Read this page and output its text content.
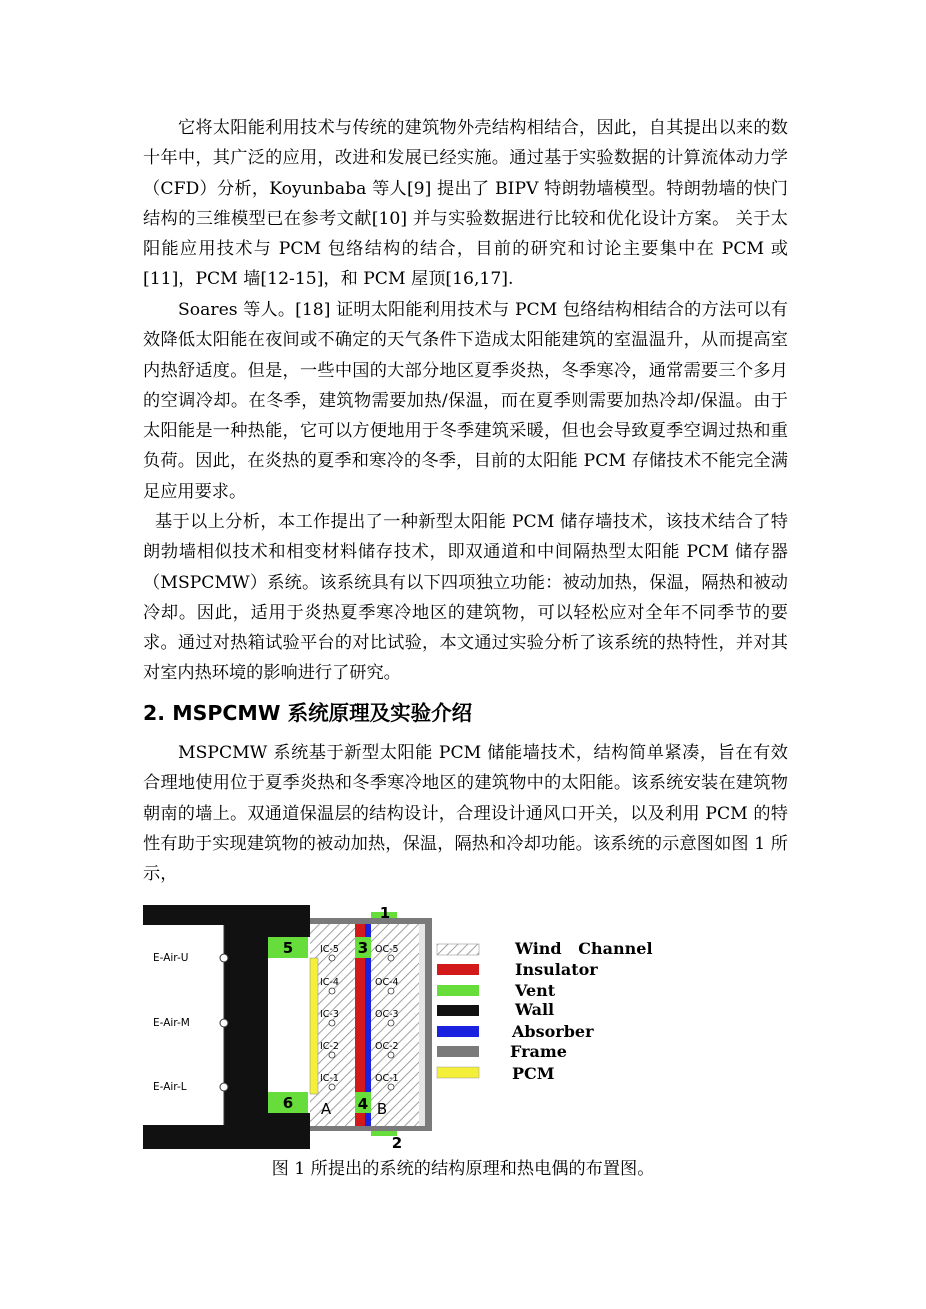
它将太阳能利用技术与传统的建筑物外壳结构相结合，因此，自其提出以来的数十年中，其广泛的应用，改进和发展已经实施。通过基于实验数据的计算流体动力学（CFD）分析，Koyunbaba 等人[9] 提出了 BIPV 特朗勃墙模型。特朗勃墙的快门结构的三维模型已在参考文献[10] 并与实验数据进行比较和优化设计方案。 关于太阳能应用技术与 PCM 包络结构的结合，目前的研究和讨论主要集中在 PCM 或[11]，PCM 墙[12-15]，和 PCM 屋顶[16,17].

Soares 等人。[18] 证明太阳能利用技术与 PCM 包络结构相结合的方法可以有效降低太阳能在夜间或不确定的天气条件下造成太阳能建筑的室温温升，从而提高室内热舒适度。但是，一些中国的大部分地区夏季炎热，冬季寒冷，通常需要三个多月的空调冷却。在冬季，建筑物需要加热/保温，而在夏季则需要加热冷却/保温。由于太阳能是一种热能，它可以方便地用于冬季建筑采暖，但也会导致夏季空调过热和重负荷。因此，在炎热的夏季和寒冷的冬季，目前的太阳能 PCM 存储技术不能完全满足应用要求。

基于以上分析，本工作提出了一种新型太阳能 PCM 储存墙技术，该技术结合了特朗勃墙相似技术和相变材料储存技术，即双通道和中间隔热型太阳能 PCM 储存器（MSPCMW）系统。该系统具有以下四项独立功能：被动加热，保温，隔热和被动冷却。因此，适用于炎热夏季寒冷地区的建筑物，可以轻松应对全年不同季节的要求。通过对热箱试验平台的对比试验，本文通过实验分析了该系统的热特性，并对其对室内热环境的影响进行了研究。

2. MSPCMW 系统原理及实验介绍

MSPCMW 系统基于新型太阳能 PCM 储能墙技术，结构简单紧凑，旨在有效合理地使用位于夏季炎热和冬季寒冷地区的建筑物中的太阳能。该系统安装在建筑物朝南的墙上。双通道保温层的结构设计，合理设计通风口开关，以及利用 PCM 的特性有助于实现建筑物的被动加热，保温，隔热和冷却功能。该系统的示意图如图 1 所示，

E-Air-U
E-Air-M
E-Air-L
5
6
3
4
1
2
A	B
IC-5
IC-4
IC-3
IC-2
IC-1
OC-5
OC-4
OC-3
OC-2
OC-1
Wind   Channel
Insulator
Vent
Wall
Absorber
Frame
PCM

图 1 所提出的系统的结构原理和热电偶的布置图。
